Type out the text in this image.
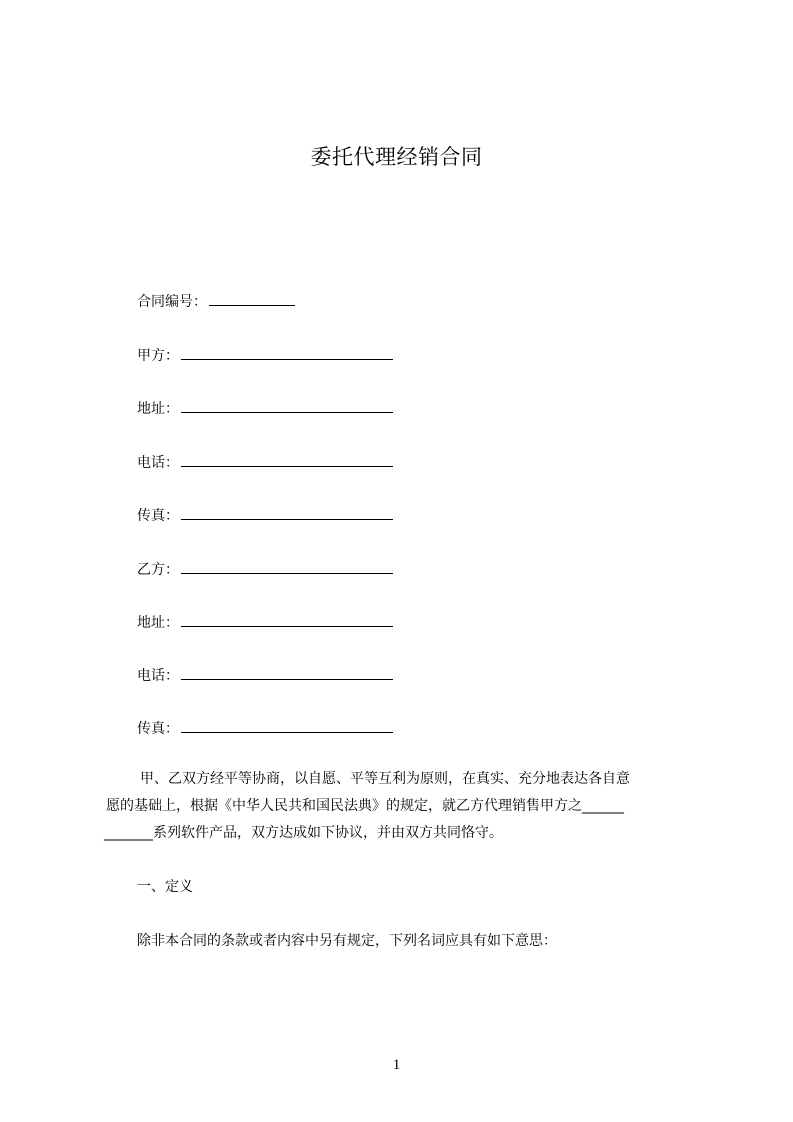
委托代理经销合同
合同编号：
甲方：
地址：
电话：
传真：
乙方：
地址：
电话：
传真：
甲、乙双方经平等协商，以自愿、平等互利为原则，在真实、充分地表达各自意
愿的基础上，根据《中华人民共和国民法典》的规定，就乙方代理销售甲方之______
_______系列软件产品，双方达成如下协议，并由双方共同恪守。
一、定义
除非本合同的条款或者内容中另有规定，下列名词应具有如下意思：
1
